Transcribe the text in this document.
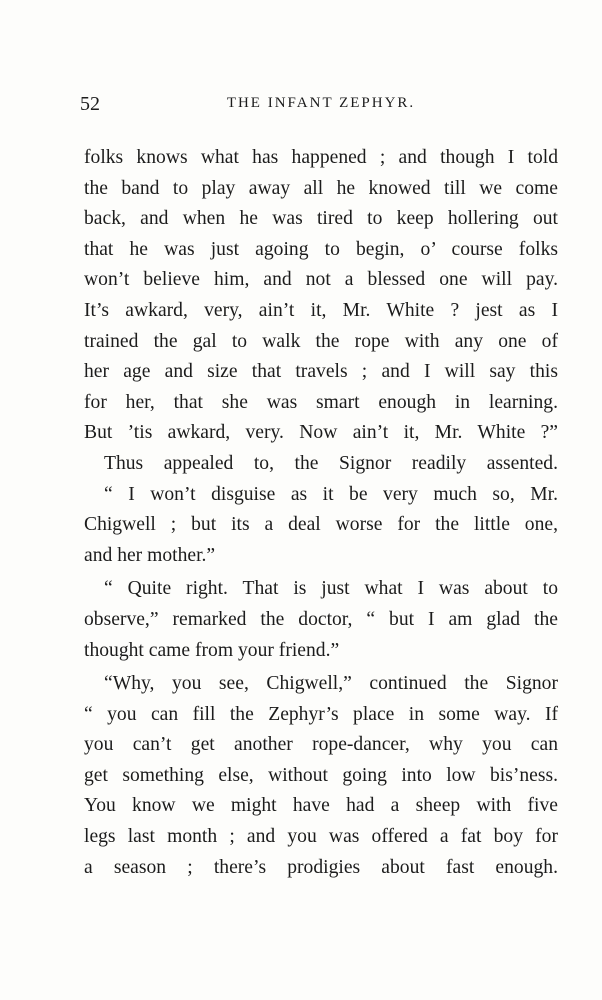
52	THE INFANT ZEPHYR.
folks knows what has happened ; and though I told
the band to play away all he knowed till we come
back, and when he was tired to keep hollering out
that he was just agoing to begin, o’ course folks
won’t believe him, and not a blessed one will pay.
It’s awkard, very, ain’t it, Mr. White ? jest as I
trained the gal to walk the rope with any one of
her age and size that travels ; and I will say this
for her, that she was smart enough in learning.
But ’tis awkard, very. Now ain’t it, Mr. White ?”
Thus appealed to, the Signor readily assented.
“ I won’t disguise as it be very much so, Mr.
Chigwell ; but its a deal worse for the little one,
and her mother.”
“ Quite right. That is just what I was about to
observe,” remarked the doctor, “ but I am glad the
thought came from your friend.”
“Why, you see, Chigwell,” continued the Signor
“ you can fill the Zephyr’s place in some way. If
you can’t get another rope-dancer, why you can
get something else, without going into low bis’ness.
You know we might have had a sheep with five
legs last month ; and you was offered a fat boy for
a season ; there’s prodigies about fast enough.
